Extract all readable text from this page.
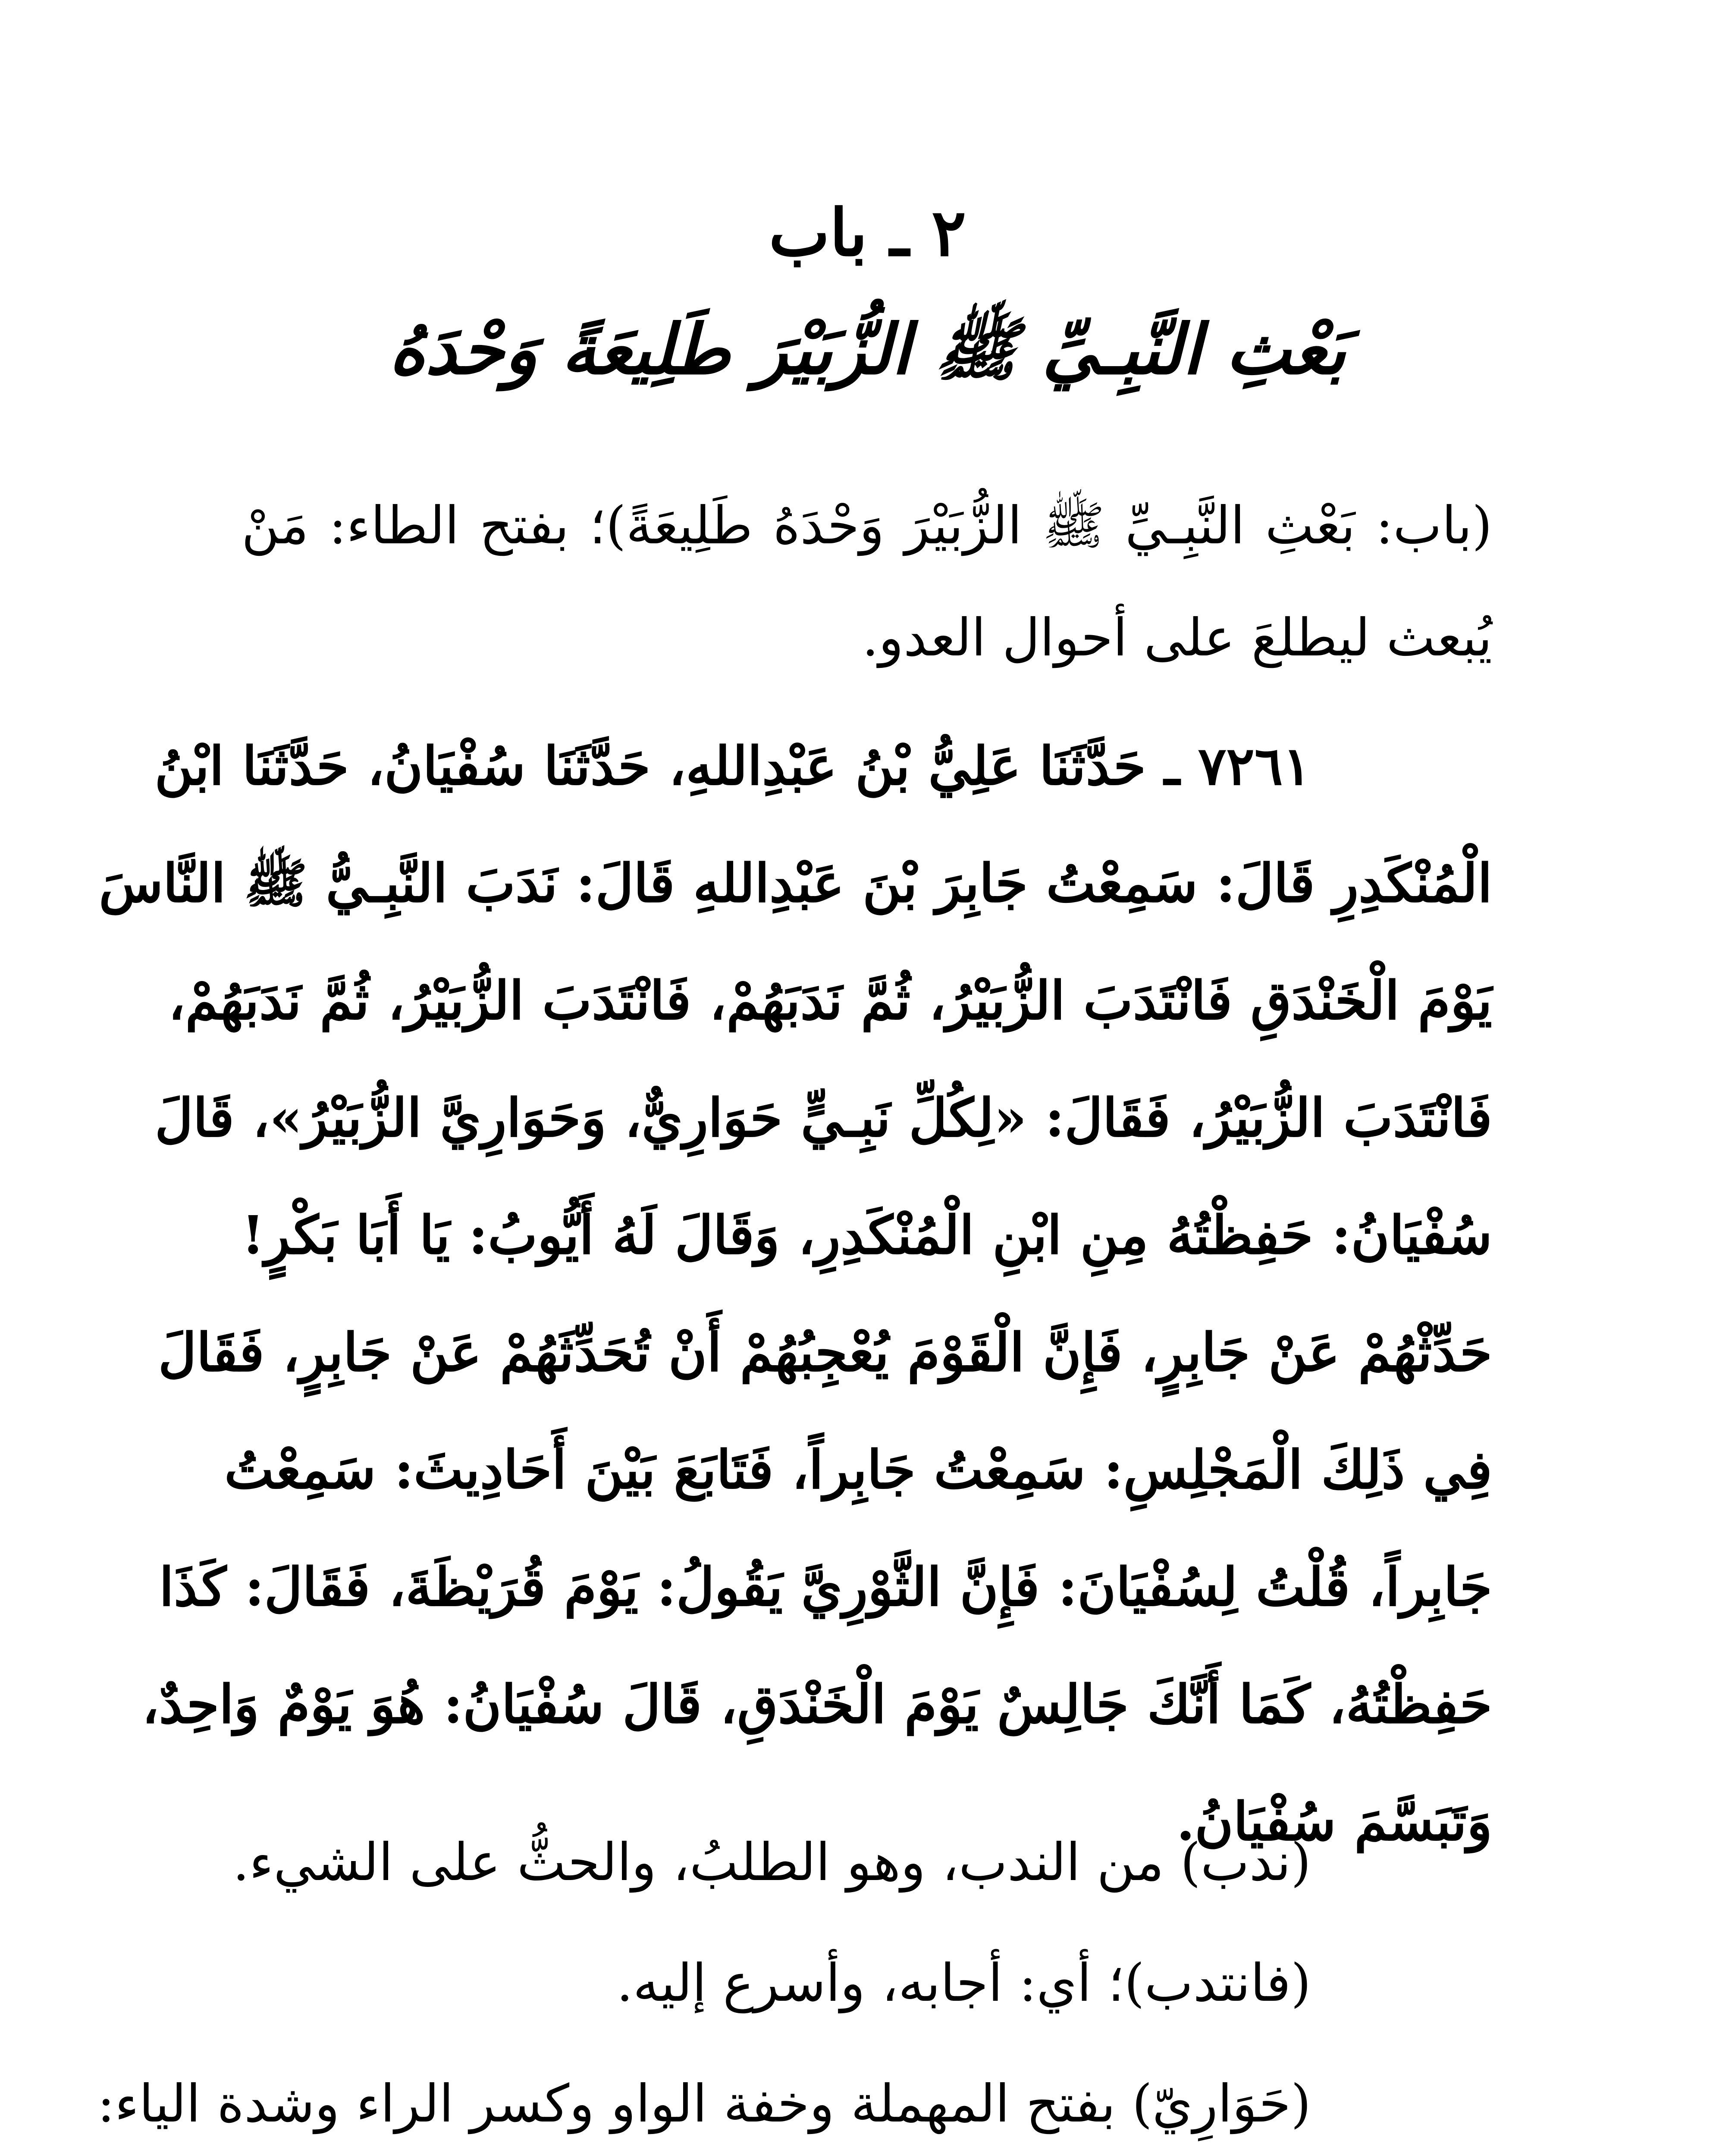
٢ ـ باب
بَعْثِ النَّبِـيِّ ﷺ الزُّبَيْرَ طَلِيعَةً وَحْدَهُ
(باب: بَعْثِ النَّبِـيِّ ﷺ الزُّبَيْرَ وَحْدَهُ طَلِيعَةً)؛ بفتح الطاء: مَنْ
يُبعث ليطلعَ على أحوال العدو.
٧٢٦١ ـ حَدَّثَنَا عَلِيُّ بْنُ عَبْدِاللهِ، حَدَّثَنَا سُفْيَانُ، حَدَّثَنَا ابْنُ
الْمُنْكَدِرِ قَالَ: سَمِعْتُ جَابِرَ بْنَ عَبْدِاللهِ قَالَ: نَدَبَ النَّبِـيُّ ﷺ النَّاسَ
يَوْمَ الْخَنْدَقِ فَانْتَدَبَ الزُّبَيْرُ، ثُمَّ نَدَبَهُمْ، فَانْتَدَبَ الزُّبَيْرُ، ثُمَّ نَدَبَهُمْ،
فَانْتَدَبَ الزُّبَيْرُ، فَقَالَ: «لِكُلِّ نَبِـيٍّ حَوَارِيٌّ، وَحَوَارِيَّ الزُّبَيْرُ»، قَالَ
سُفْيَانُ: حَفِظْتُهُ مِنِ ابْنِ الْمُنْكَدِرِ، وَقَالَ لَهُ أَيُّوبُ: يَا أَبَا بَكْرٍ!
حَدِّثْهُمْ عَنْ جَابِرٍ، فَإِنَّ الْقَوْمَ يُعْجِبُهُمْ أَنْ تُحَدِّثَهُمْ عَنْ جَابِرٍ، فَقَالَ
فِي ذَلِكَ الْمَجْلِسِ: سَمِعْتُ جَابِراً، فَتَابَعَ بَيْنَ أَحَادِيثَ: سَمِعْتُ
جَابِراً، قُلْتُ لِسُفْيَانَ: فَإِنَّ الثَّوْرِيَّ يَقُولُ: يَوْمَ قُرَيْظَةَ، فَقَالَ: كَذَا
حَفِظْتُهُ، كَمَا أَنَّكَ جَالِسٌ يَوْمَ الْخَنْدَقِ، قَالَ سُفْيَانُ: هُوَ يَوْمٌ وَاحِدٌ،
وَتَبَسَّمَ سُفْيَانُ.
(ندب) من الندب، وهو الطلبُ، والحثُّ على الشيء.
(فانتدب)؛ أي: أجابه، وأسرع إليه.
(حَوَارِيّ) بفتح المهملة وخفة الواو وكسر الراء وشدة الياء:
